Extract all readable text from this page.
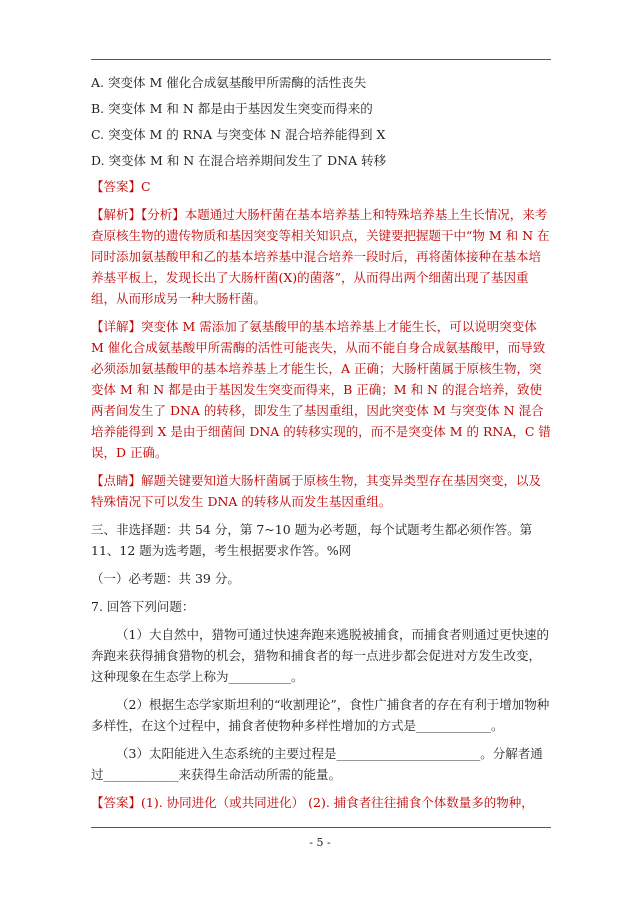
A. 突变体 M 催化合成氨基酸甲所需酶的活性丧失

B. 突变体 M 和 N 都是由于基因发生突变而得来的

C. 突变体 M 的 RNA 与突变体 N 混合培养能得到 X

D. 突变体 M 和 N 在混合培养期间发生了 DNA 转移

【答案】C

【解析】【分析】本题通过大肠杆菌在基本培养基上和特殊培养基上生长情况，来考查原核生物的遗传物质和基因突变等相关知识点，关键要把握题干中“物 M 和 N 在同时添加氨基酸甲和乙的基本培养基中混合培养一段时后，再将菌体接种在基本培养基平板上，发现长出了大肠杆菌(X)的菌落”，从而得出两个细菌出现了基因重组，从而形成另一种大肠杆菌。

【详解】突变体 M 需添加了氨基酸甲的基本培养基上才能生长，可以说明突变体 M 催化合成氨基酸甲所需酶的活性可能丧失，从而不能自身合成氨基酸甲，而导致必须添加氨基酸甲的基本培养基上才能生长，A 正确；大肠杆菌属于原核生物，突变体 M 和 N 都是由于基因发生突变而得来，B 正确；M 和 N 的混合培养，致使两者间发生了 DNA 的转移，即发生了基因重组，因此突变体 M 与突变体 N 混合培养能得到 X 是由于细菌间 DNA 的转移实现的，而不是突变体 M 的 RNA，C 错误，D 正确。

【点睛】解题关键要知道大肠杆菌属于原核生物，其变异类型存在基因突变，以及特殊情况下可以发生 DNA 的转移从而发生基因重组。

三、非选择题：共 54 分，第 7~10 题为必考题，每个试题考生都必须作答。第 11、12 题为选考题，考生根据要求作答。%网

（一）必考题：共 39 分。

7. 回答下列问题：

（1）大自然中，猎物可通过快速奔跑来逃脱被捕食，而捕食者则通过更快速的奔跑来获得捕食猎物的机会，猎物和捕食者的每一点进步都会促进对方发生改变，这种现象在生态学上称为__________。

（2）根据生态学家斯坦利的“收割理论”，食性广捕食者的存在有利于增加物种多样性，在这个过程中，捕食者使物种多样性增加的方式是____________。

（3）太阳能进入生态系统的主要过程是_______________________。分解者通过____________来获得生命活动所需的能量。

【答案】(1). 协同进化（或共同进化） (2). 捕食者往往捕食个体数量多的物种，

- 5 -
